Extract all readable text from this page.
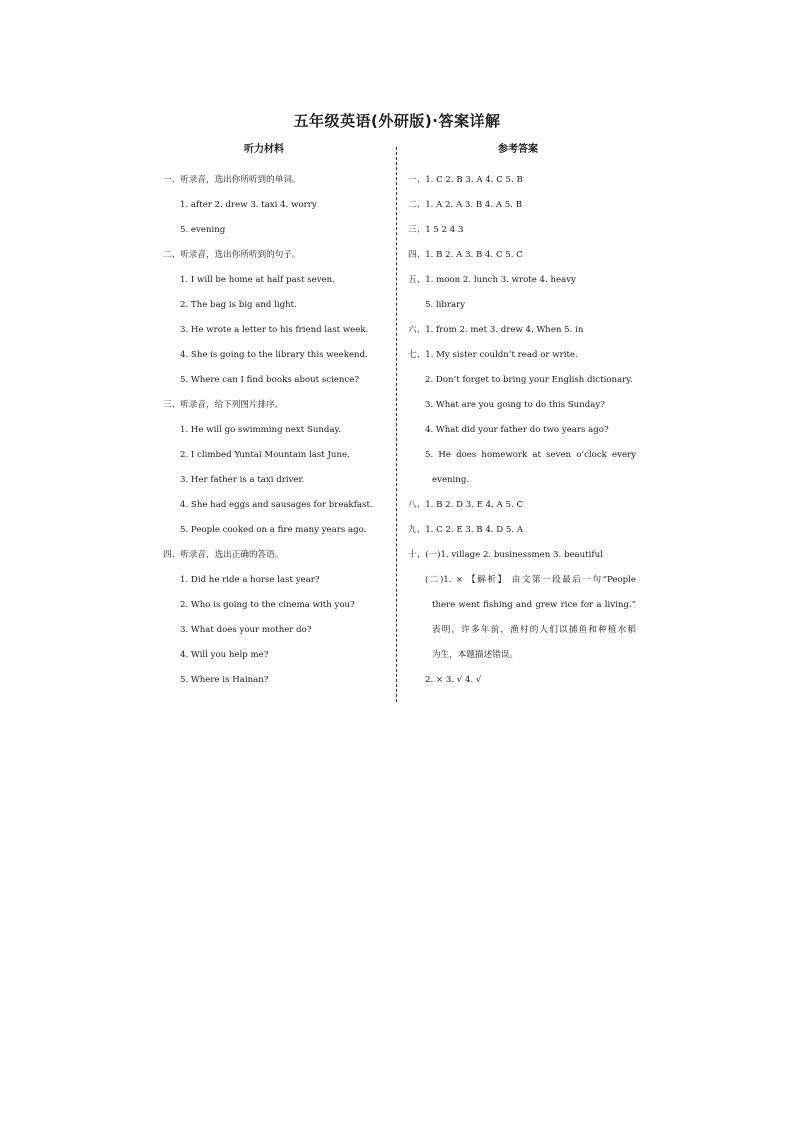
五年级英语(外研版)·答案详解
听力材料
一、听录音，选出你所听到的单词。
1. after 2. drew 3. taxi 4. worry
5. evening
二、听录音，选出你所听到的句子。
1. I will be home at half past seven.
2. The bag is big and light.
3. He wrote a letter to his friend last week.
4. She is going to the library this weekend.
5. Where can I find books about science?
三、听录音，给下列图片排序。
1. He will go swimming next Sunday.
2. I climbed Yuntai Mountain last June.
3. Her father is a taxi driver.
4. She had eggs and sausages for breakfast.
5. People cooked on a fire many years ago.
四、听录音，选出正确的答语。
1. Did he ride a horse last year?
2. Who is going to the cinema with you?
3. What does your mother do?
4. Will you help me?
5. Where is Hainan?
参考答案
一、1. C 2. B 3. A 4. C 5. B
二、1. A 2. A 3. B 4. A 5. B
三、1 5 2 4 3
四、1. B 2. A 3. B 4. C 5. C
五、1. moon 2. lunch 3. wrote 4. heavy
5. library
六、1. from 2. met 3. drew 4. When 5. in
七、1. My sister couldn’t read or write.
2. Don’t forget to bring your English dictionary.
3. What are you going to do this Sunday?
4. What did your father do two years ago?
5. He does homework at seven o’clock every
evening.
八、1. B 2. D 3. E 4. A 5. C
九、1. C 2. E 3. B 4. D 5. A
十、(一)1. village 2. businessmen 3. beautiful
(二)1. × 【解析】 由文第一段最后一句“People
there went fishing and grew rice for a living.”
表明，许多年前，渔村的人们以捕鱼和种植水稻
为生，本题描述错误。
2. × 3. √ 4. √
